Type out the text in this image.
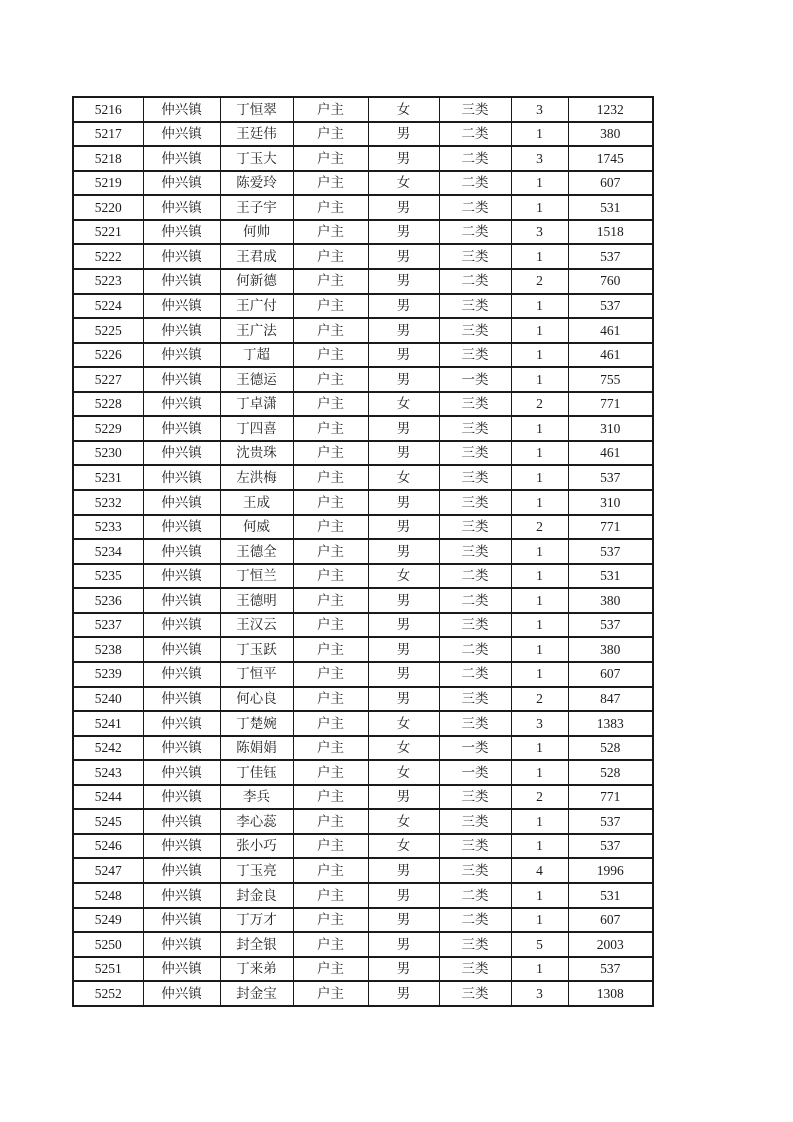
5216	仲兴镇	丁恒翠	户主	女	三类	3	1232
5217	仲兴镇	王廷伟	户主	男	二类	1	380
5218	仲兴镇	丁玉大	户主	男	二类	3	1745
5219	仲兴镇	陈爱玲	户主	女	二类	1	607
5220	仲兴镇	王子宇	户主	男	二类	1	531
5221	仲兴镇	何帅	户主	男	二类	3	1518
5222	仲兴镇	王君成	户主	男	三类	1	537
5223	仲兴镇	何新德	户主	男	二类	2	760
5224	仲兴镇	王广付	户主	男	三类	1	537
5225	仲兴镇	王广法	户主	男	三类	1	461
5226	仲兴镇	丁超	户主	男	三类	1	461
5227	仲兴镇	王德运	户主	男	一类	1	755
5228	仲兴镇	丁卓潇	户主	女	三类	2	771
5229	仲兴镇	丁四喜	户主	男	三类	1	310
5230	仲兴镇	沈贵珠	户主	男	三类	1	461
5231	仲兴镇	左洪梅	户主	女	三类	1	537
5232	仲兴镇	王成	户主	男	三类	1	310
5233	仲兴镇	何威	户主	男	三类	2	771
5234	仲兴镇	王德全	户主	男	三类	1	537
5235	仲兴镇	丁恒兰	户主	女	二类	1	531
5236	仲兴镇	王德明	户主	男	二类	1	380
5237	仲兴镇	王汉云	户主	男	三类	1	537
5238	仲兴镇	丁玉跃	户主	男	二类	1	380
5239	仲兴镇	丁恒平	户主	男	二类	1	607
5240	仲兴镇	何心良	户主	男	三类	2	847
5241	仲兴镇	丁楚婉	户主	女	三类	3	1383
5242	仲兴镇	陈娟娟	户主	女	一类	1	528
5243	仲兴镇	丁佳钰	户主	女	一类	1	528
5244	仲兴镇	李兵	户主	男	三类	2	771
5245	仲兴镇	李心蕊	户主	女	三类	1	537
5246	仲兴镇	张小巧	户主	女	三类	1	537
5247	仲兴镇	丁玉亮	户主	男	三类	4	1996
5248	仲兴镇	封金良	户主	男	二类	1	531
5249	仲兴镇	丁万才	户主	男	二类	1	607
5250	仲兴镇	封全银	户主	男	三类	5	2003
5251	仲兴镇	丁来弟	户主	男	三类	1	537
5252	仲兴镇	封金宝	户主	男	三类	3	1308
